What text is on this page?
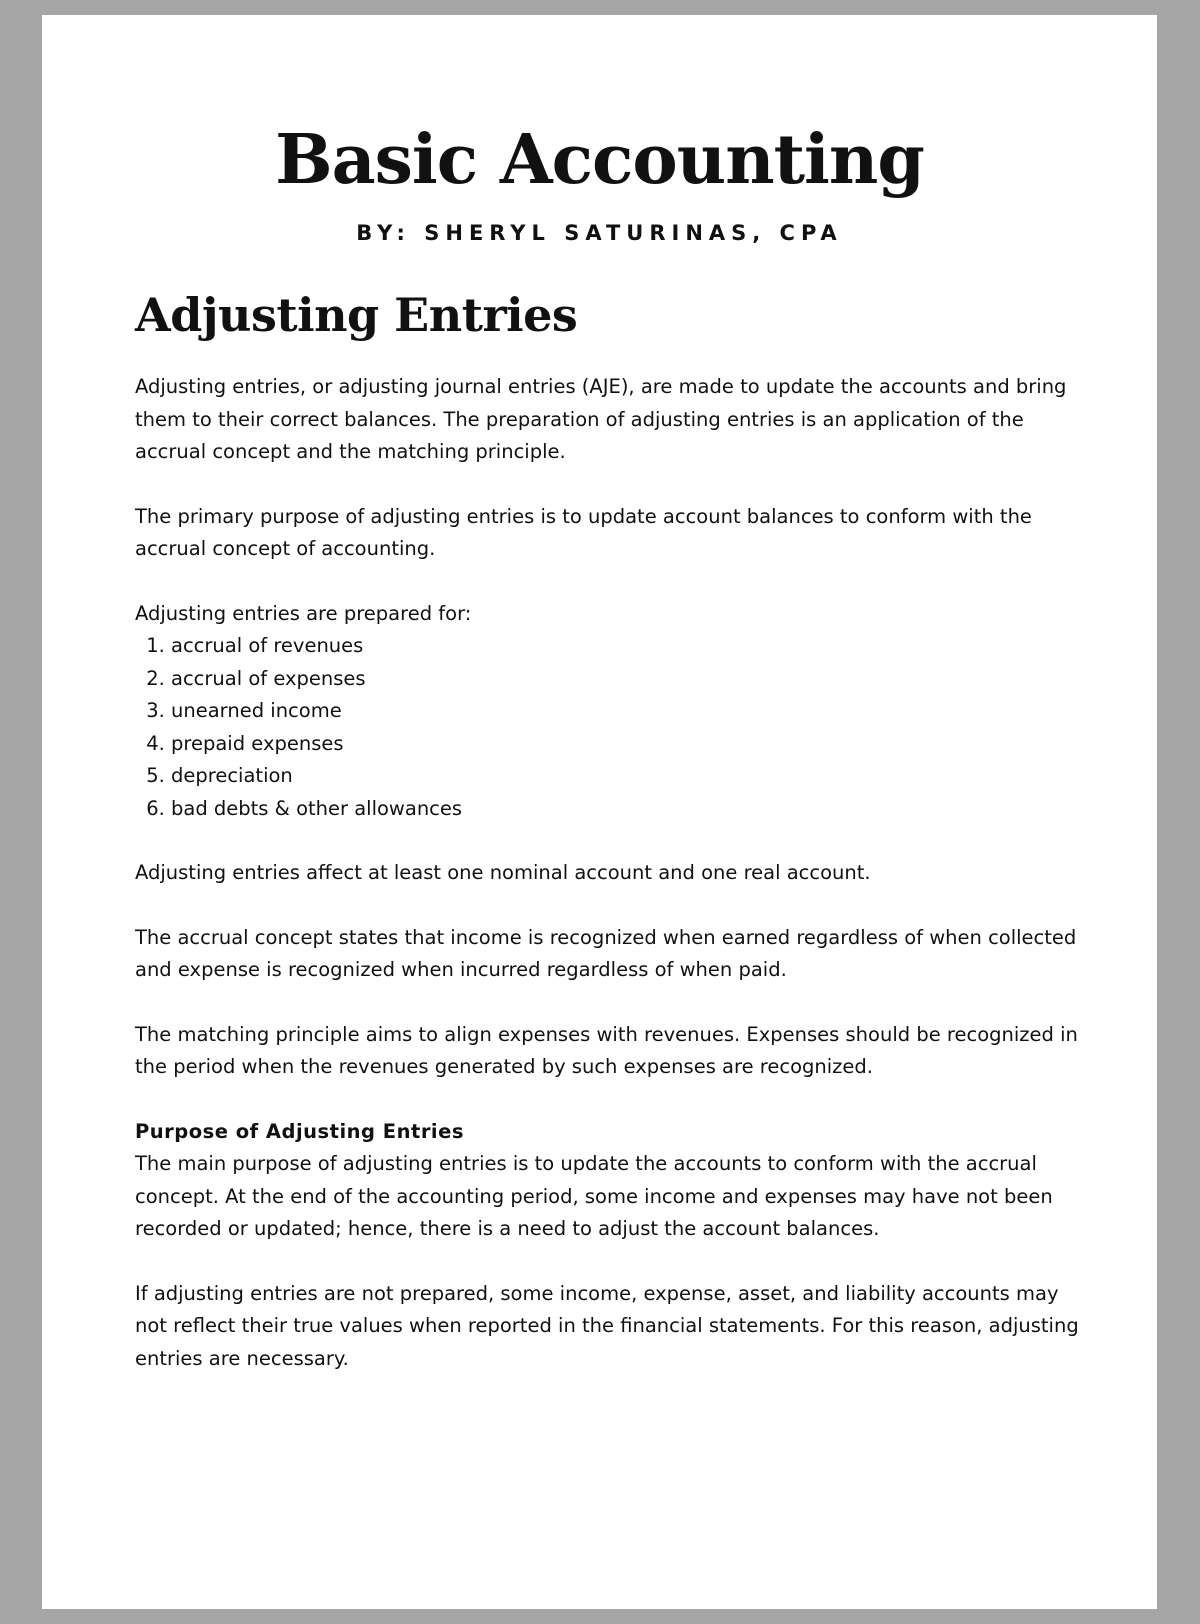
Basic Accounting
BY: SHERYL SATURINAS, CPA
Adjusting Entries

Adjusting entries, or adjusting journal entries (AJE), are made to update the accounts and bring them to their correct balances. The preparation of adjusting entries is an application of the accrual concept and the matching principle.

The primary purpose of adjusting entries is to update account balances to conform with the accrual concept of accounting.

Adjusting entries are prepared for:

1. accrual of revenues
2. accrual of expenses
3. unearned income
4. prepaid expenses
5. depreciation
6. bad debts & other allowances

Adjusting entries affect at least one nominal account and one real account.

The accrual concept states that income is recognized when earned regardless of when collected and expense is recognized when incurred regardless of when paid.

The matching principle aims to align expenses with revenues. Expenses should be recognized in the period when the revenues generated by such expenses are recognized.

Purpose of Adjusting Entries

The main purpose of adjusting entries is to update the accounts to conform with the accrual concept. At the end of the accounting period, some income and expenses may have not been recorded or updated; hence, there is a need to adjust the account balances.

If adjusting entries are not prepared, some income, expense, asset, and liability accounts may not reflect their true values when reported in the financial statements. For this reason, adjusting entries are necessary.
